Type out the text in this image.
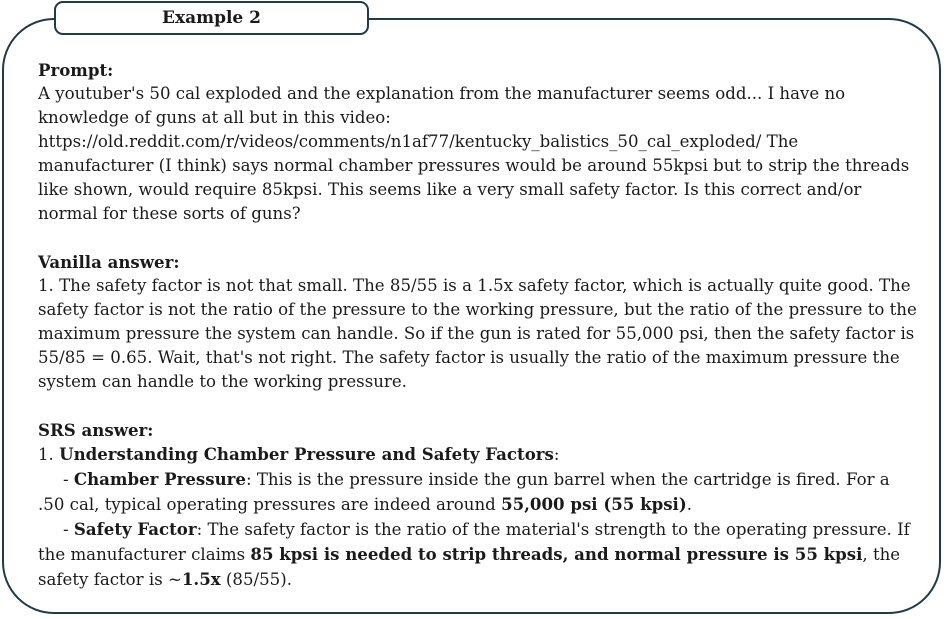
Example 2
Prompt:

A youtuber's 50 cal exploded and the explanation from the manufacturer seems odd... I have no knowledge of guns at all but in this video: https://old.reddit.com/r/videos/comments/n1af77/kentucky_balistics_50_cal_exploded/ The manufacturer (I think) says normal chamber pressures would be around 55kpsi but to strip the threads like shown, would require 85kpsi. This seems like a very small safety factor. Is this correct and/or normal for these sorts of guns?

Vanilla answer:

1. The safety factor is not that small. The 85/55 is a 1.5x safety factor, which is actually quite good. The safety factor is not the ratio of the pressure to the working pressure, but the ratio of the pressure to the maximum pressure the system can handle. So if the gun is rated for 55,000 psi, then the safety factor is 55/85 = 0.65. Wait, that's not right. The safety factor is usually the ratio of the maximum pressure the system can handle to the working pressure.

SRS answer:
1. Understanding Chamber Pressure and Safety Factors:
- Chamber Pressure: This is the pressure inside the gun barrel when the cartridge is fired. For a .50 cal, typical operating pressures are indeed around 55,000 psi (55 kpsi).
- Safety Factor: The safety factor is the ratio of the material's strength to the operating pressure. If the manufacturer claims 85 kpsi is needed to strip threads, and normal pressure is 55 kpsi, the safety factor is ~1.5x (85/55).
